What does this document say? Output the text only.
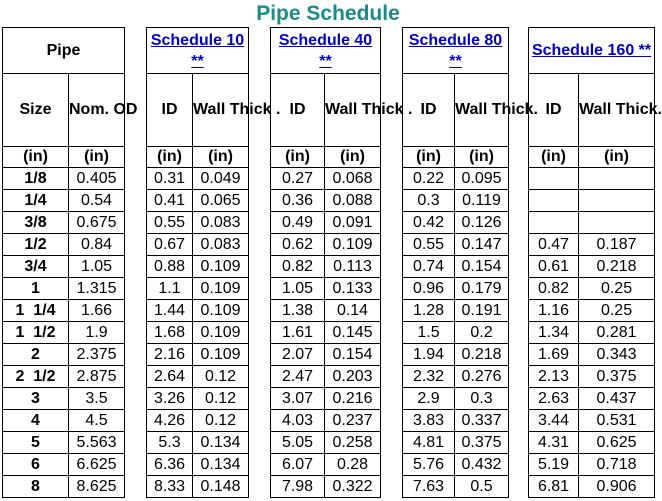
Pipe Schedule
Pipe			Schedule 10 **			Schedule 40 **			Schedule 80 **			Schedule 160 **	

Size	Nom. OD		ID	Wall Thick .		ID	Wall Thick .		ID	Wall Thick.		ID	Wall Thick.
(in)	(in)		(in)	(in)		(in)	(in)		(in)	(in)		(in)	(in)
1/8	0.405		0.31	0.049		0.27	0.068		0.22	0.095			
1/4	0.54		0.41	0.065		0.36	0.088		0.3	0.119			
3/8	0.675		0.55	0.083		0.49	0.091		0.42	0.126			
1/2	0.84		0.67	0.083		0.62	0.109		0.55	0.147		0.47	0.187
3/4	1.05		0.88	0.109		0.82	0.113		0.74	0.154		0.61	0.218
1	1.315		1.1	0.109		1.05	0.133		0.96	0.179		0.82	0.25
1  1/4	1.66		1.44	0.109		1.38	0.14		1.28	0.191		1.16	0.25
1  1/2	1.9		1.68	0.109		1.61	0.145		1.5	0.2		1.34	0.281
2	2.375		2.16	0.109		2.07	0.154		1.94	0.218		1.69	0.343
2  1/2	2.875		2.64	0.12		2.47	0.203		2.32	0.276		2.13	0.375
3	3.5		3.26	0.12		3.07	0.216		2.9	0.3		2.63	0.437
4	4.5		4.26	0.12		4.03	0.237		3.83	0.337		3.44	0.531
5	5.563		5.3	0.134		5.05	0.258		4.81	0.375		4.31	0.625
6	6.625		6.36	0.134		6.07	0.28		5.76	0.432		5.19	0.718
8	8.625		8.33	0.148		7.98	0.322		7.63	0.5		6.81	0.906
